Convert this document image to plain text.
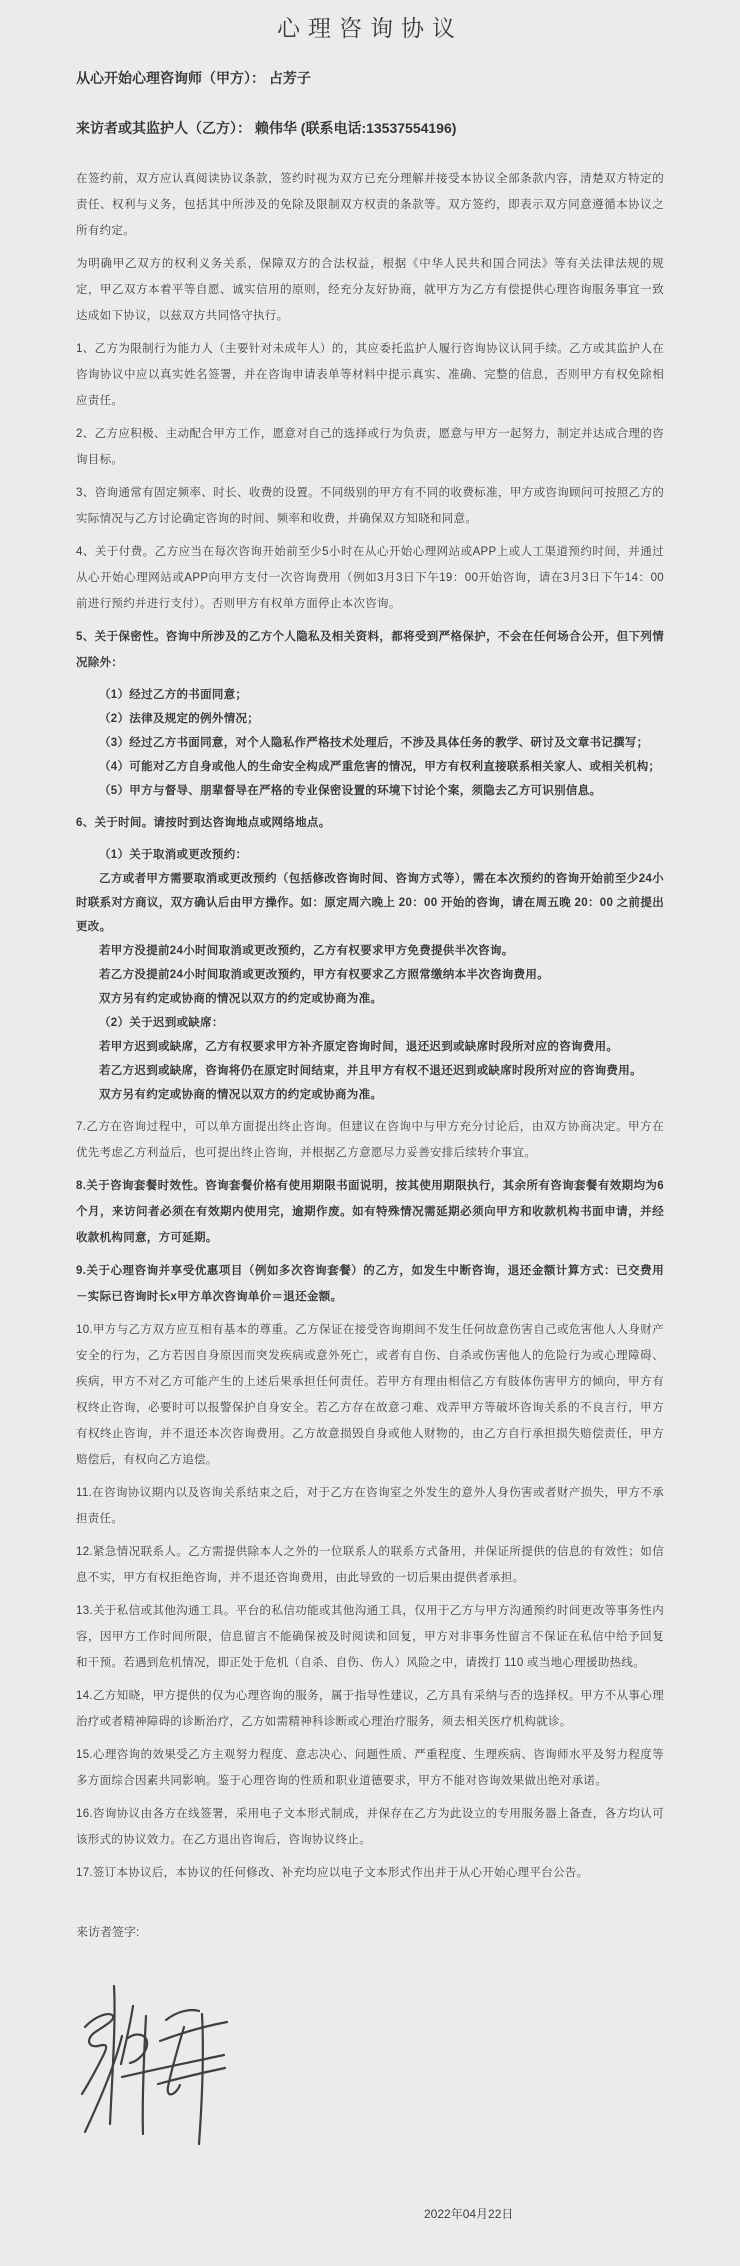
心理咨询协议

从心开始心理咨询师（甲方）： 占芳子

来访者或其监护人（乙方）： 赖伟华 (联系电话:13537554196)

在签约前，双方应认真阅读协议条款，签约时视为双方已充分理解并接受本协议全部条款内容，清楚双方特定的责任、权利与义务，包括其中所涉及的免除及限制双方权责的条款等。双方签约，即表示双方同意遵循本协议之所有约定。

为明确甲乙双方的权利义务关系，保障双方的合法权益，根据《中华人民共和国合同法》等有关法律法规的规定，甲乙双方本着平等自愿、诚实信用的原则，经充分友好协商，就甲方为乙方有偿提供心理咨询服务事宜一致达成如下协议，以兹双方共同恪守执行。

1、乙方为限制行为能力人（主要针对未成年人）的，其应委托监护人履行咨询协议认同手续。乙方或其监护人在咨询协议中应以真实姓名签署，并在咨询申请表单等材料中提示真实、准确、完整的信息，否则甲方有权免除相应责任。

2、乙方应积极、主动配合甲方工作，愿意对自己的选择或行为负责，愿意与甲方一起努力，制定并达成合理的咨询目标。

3、咨询通常有固定频率、时长、收费的设置。不同级别的甲方有不同的收费标准，甲方或咨询顾问可按照乙方的实际情况与乙方讨论确定咨询的时间、频率和收费，并确保双方知晓和同意。

4、关于付费。乙方应当在每次咨询开始前至少5小时在从心开始心理网站或APP上或人工渠道预约时间，并通过从心开始心理网站或APP向甲方支付一次咨询费用（例如3月3日下午19：00开始咨询，请在3月3日下午14：00前进行预约并进行支付）。否则甲方有权单方面停止本次咨询。

5、关于保密性。咨询中所涉及的乙方个人隐私及相关资料，都将受到严格保护，不会在任何场合公开，但下列情况除外：

（1）经过乙方的书面同意；

（2）法律及规定的例外情况；

（3）经过乙方书面同意，对个人隐私作严格技术处理后，不涉及具体任务的教学、研讨及文章书记撰写；

（4）可能对乙方自身或他人的生命安全构成严重危害的情况，甲方有权利直接联系相关家人、或相关机构；

（5）甲方与督导、朋辈督导在严格的专业保密设置的环境下讨论个案，须隐去乙方可识别信息。

6、关于时间。请按时到达咨询地点或网络地点。

（1）关于取消或更改预约：

乙方或者甲方需要取消或更改预约（包括修改咨询时间、咨询方式等），需在本次预约的咨询开始前至少24小时联系对方商议，双方确认后由甲方操作。如：原定周六晚上 20：00 开始的咨询，请在周五晚 20：00 之前提出更改。

若甲方没提前24小时间取消或更改预约，乙方有权要求甲方免费提供半次咨询。

若乙方没提前24小时间取消或更改预约，甲方有权要求乙方照常缴纳本半次咨询费用。

双方另有约定或协商的情况以双方的约定或协商为准。

（2）关于迟到或缺席：

若甲方迟到或缺席，乙方有权要求甲方补齐原定咨询时间，退还迟到或缺席时段所对应的咨询费用。

若乙方迟到或缺席，咨询将仍在原定时间结束，并且甲方有权不退还迟到或缺席时段所对应的咨询费用。

双方另有约定或协商的情况以双方的约定或协商为准。

7.乙方在咨询过程中，可以单方面提出终止咨询。但建议在咨询中与甲方充分讨论后，由双方协商决定。甲方在优先考虑乙方利益后，也可提出终止咨询，并根据乙方意愿尽力妥善安排后续转介事宜。

8.关于咨询套餐时效性。咨询套餐价格有使用期限书面说明，按其使用期限执行，其余所有咨询套餐有效期均为6个月，来访问者必须在有效期内使用完，逾期作废。如有特殊情况需延期必须向甲方和收款机构书面申请，并经收款机构同意，方可延期。

9.关于心理咨询并享受优惠项目（例如多次咨询套餐）的乙方，如发生中断咨询，退还金额计算方式：已交费用－实际已咨询时长x甲方单次咨询单价＝退还金额。

10.甲方与乙方双方应互相有基本的尊重。乙方保证在接受咨询期间不发生任何故意伤害自己或危害他人人身财产安全的行为，乙方若因自身原因而突发疾病或意外死亡，或者有自伤、自杀或伤害他人的危险行为或心理障碍、疾病，甲方不对乙方可能产生的上述后果承担任何责任。若甲方有理由相信乙方有肢体伤害甲方的倾向，甲方有权终止咨询，必要时可以报警保护自身安全。若乙方存在故意刁难、戏弄甲方等破坏咨询关系的不良言行，甲方有权终止咨询，并不退还本次咨询费用。乙方故意损毁自身或他人财物的，由乙方自行承担损失赔偿责任，甲方赔偿后，有权向乙方追偿。

11.在咨询协议期内以及咨询关系结束之后，对于乙方在咨询室之外发生的意外人身伤害或者财产损失，甲方不承担责任。

12.紧急情况联系人。乙方需提供除本人之外的一位联系人的联系方式备用，并保证所提供的信息的有效性；如信息不实，甲方有权拒绝咨询，并不退还咨询费用，由此导致的一切后果由提供者承担。

13.关于私信或其他沟通工具。平台的私信功能或其他沟通工具，仅用于乙方与甲方沟通预约时间更改等事务性内容，因甲方工作时间所限，信息留言不能确保被及时阅读和回复，甲方对非事务性留言不保证在私信中给予回复和干预。若遇到危机情况，即正处于危机（自杀、自伤、伤人）风险之中，请拨打 110 或当地心理援助热线。

14.乙方知晓，甲方提供的仅为心理咨询的服务，属于指导性建议，乙方具有采纳与否的选择权。甲方不从事心理治疗或者精神障碍的诊断治疗，乙方如需精神科诊断或心理治疗服务，须去相关医疗机构就诊。

15.心理咨询的效果受乙方主观努力程度、意志决心、问题性质、严重程度、生理疾病、咨询师水平及努力程度等多方面综合因素共同影响。鉴于心理咨询的性质和职业道德要求，甲方不能对咨询效果做出绝对承诺。

16.咨询协议由各方在线签署，采用电子文本形式制成，并保存在乙方为此设立的专用服务器上备查，各方均认可该形式的协议效力。在乙方退出咨询后，咨询协议终止。

17.签订本协议后，本协议的任何修改、补充均应以电子文本形式作出并于从心开始心理平台公告。

来访者签字:

2022年04月22日
